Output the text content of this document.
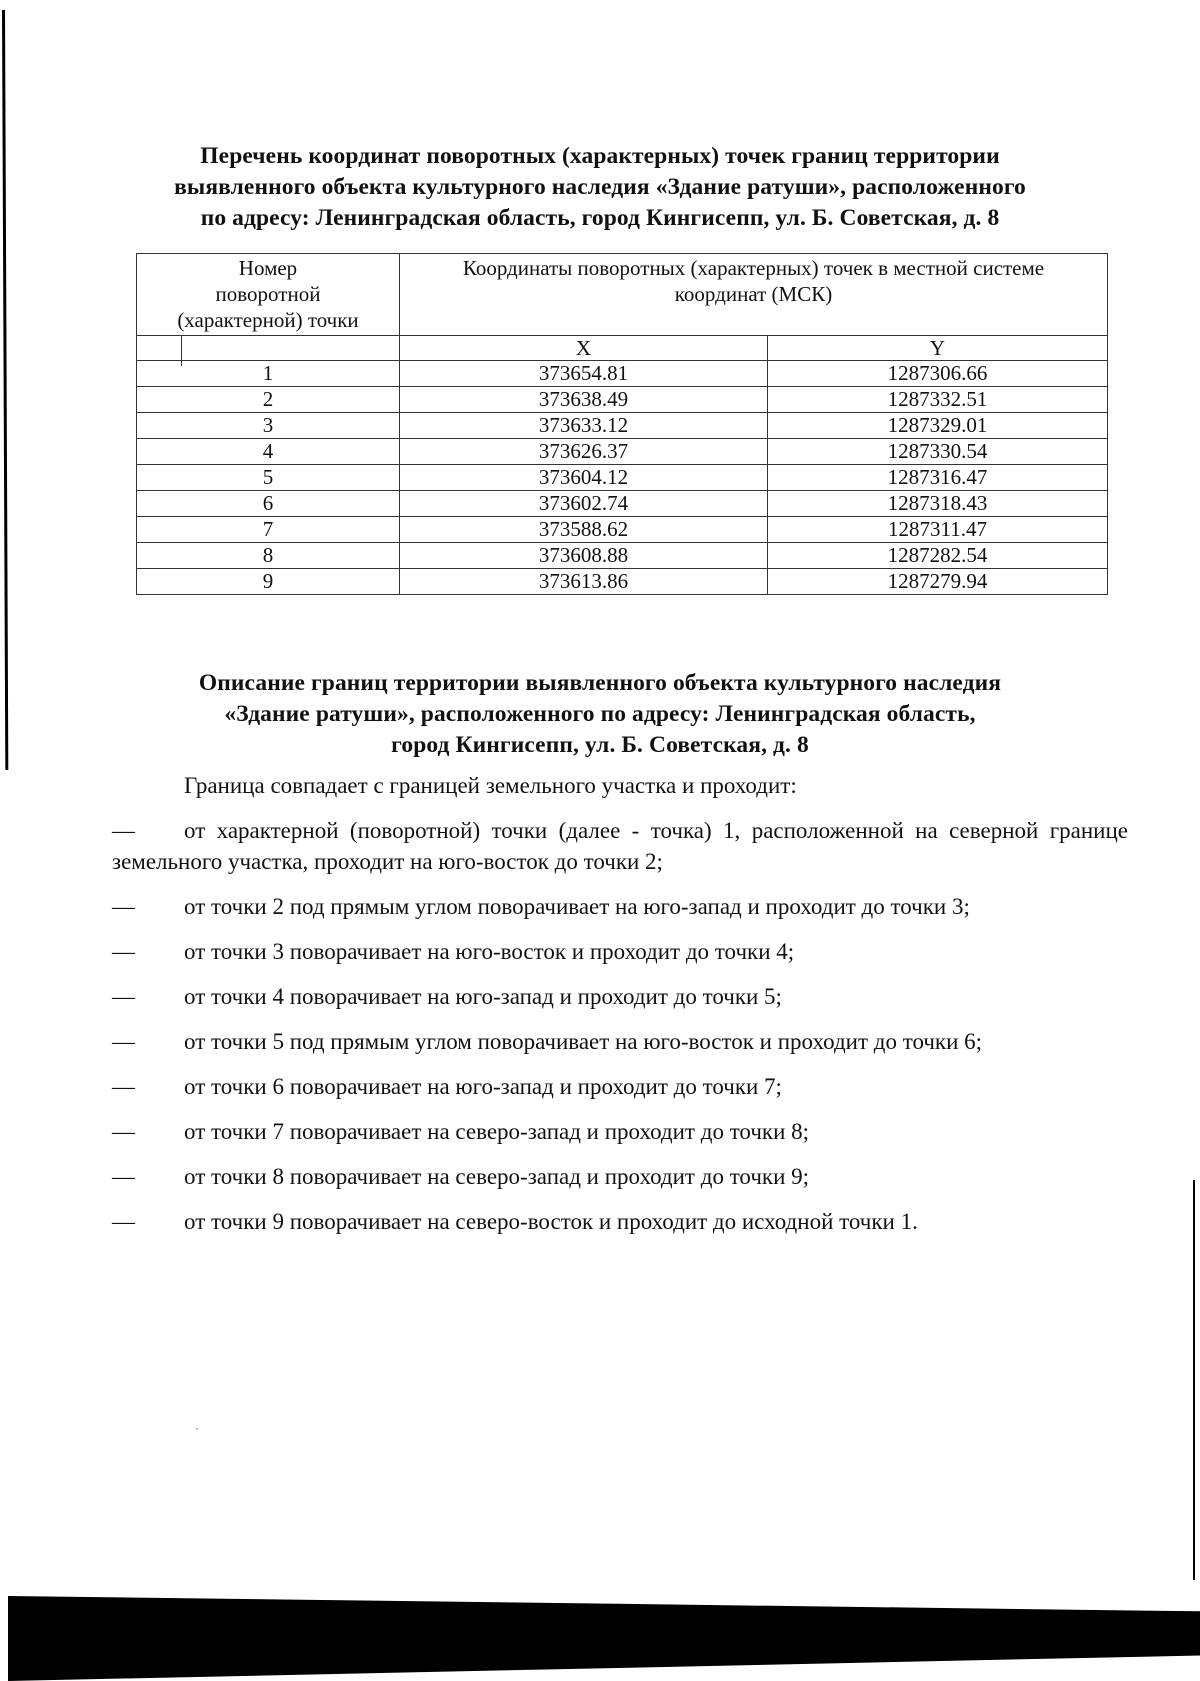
Перечень координат поворотных (характерных) точек границ территории
выявленного объекта культурного наследия «Здание ратуши», расположенного
по адресу: Ленинградская область, город Кингисепп, ул. Б. Советская, д. 8
Номер
поворотной
(характерной) точки

Координаты поворотных (характерных) точек в местной системе
координат (МСК)

	X	Y
1	373654.81	1287306.66
2	373638.49	1287332.51
3	373633.12	1287329.01
4	373626.37	1287330.54
5	373604.12	1287316.47
6	373602.74	1287318.43
7	373588.62	1287311.47
8	373608.88	1287282.54
9	373613.86	1287279.94
Описание границ территории выявленного объекта культурного наследия
«Здание ратуши», расположенного по адресу: Ленинградская область,
город Кингисепп, ул. Б. Советская, д. 8

Граница совпадает с границей земельного участка и проходит:

— от характерной (поворотной) точки (далее - точка) 1, расположенной на северной границе земельного участка, проходит на юго-восток до точки 2;

— от точки 2 под прямым углом поворачивает на юго-запад и проходит до точки 3;

— от точки 3 поворачивает на юго-восток и проходит до точки 4;

— от точки 4 поворачивает на юго-запад и проходит до точки 5;

— от точки 5 под прямым углом поворачивает на юго-восток и проходит до точки 6;

— от точки 6 поворачивает на юго-запад и проходит до точки 7;

— от точки 7 поворачивает на северо-запад и проходит до точки 8;

— от точки 8 поворачивает на северо-запад и проходит до точки 9;

— от точки 9 поворачивает на северо-восток и проходит до исходной точки 1.
